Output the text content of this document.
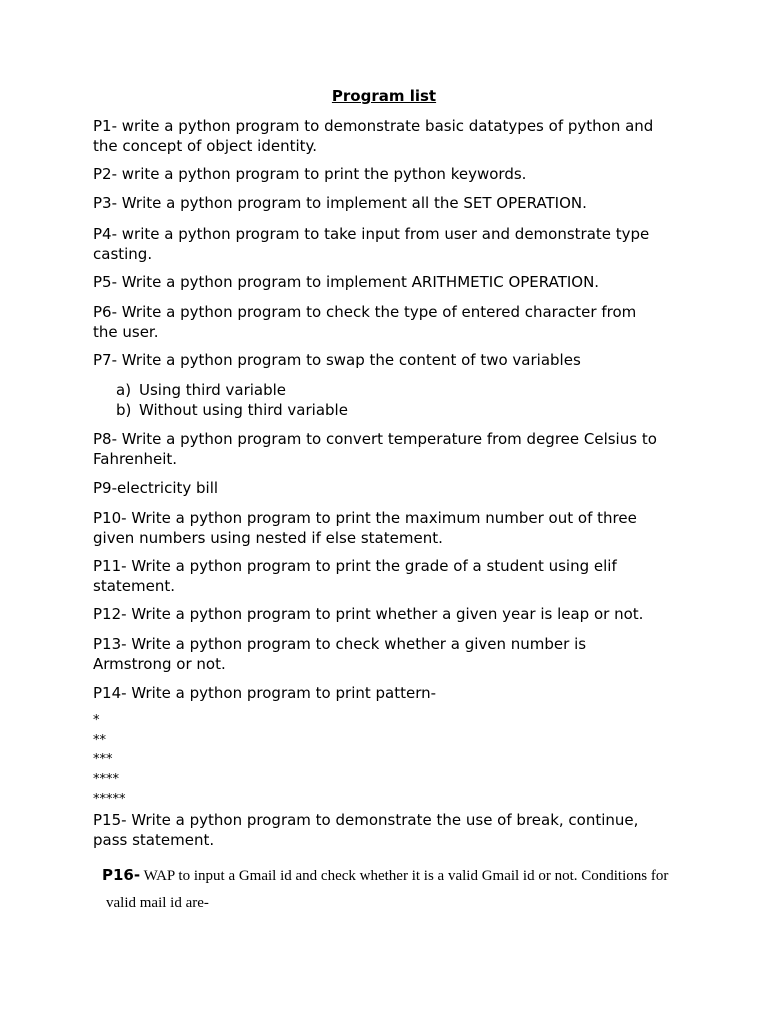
Program list
P1- write a python program to demonstrate basic datatypes of python and
the concept of object identity.
P2- write a python program to print the python keywords.
P3- Write a python program to implement all the SET OPERATION.
P4- write a python program to take input from user and demonstrate type
casting.
P5- Write a python program to implement ARITHMETIC OPERATION.
P6- Write a python program to check the type of entered character from
the user.
P7- Write a python program to swap the content of two variables
a) Using third variable
b) Without using third variable
P8- Write a python program to convert temperature from degree Celsius to
Fahrenheit.
P9-electricity bill
P10- Write a python program to print the maximum number out of three
given numbers using nested if else statement.
P11- Write a python program to print the grade of a student using elif
statement.
P12- Write a python program to print whether a given year is leap or not.
P13- Write a python program to check whether a given number is
Armstrong or not.
P14- Write a python program to print pattern-
*
**
***
****
*****
P15- Write a python program to demonstrate the use of break, continue,
pass statement.
P16- WAP to input a Gmail id and check whether it is a valid Gmail id or not. Conditions for
valid mail id are-
